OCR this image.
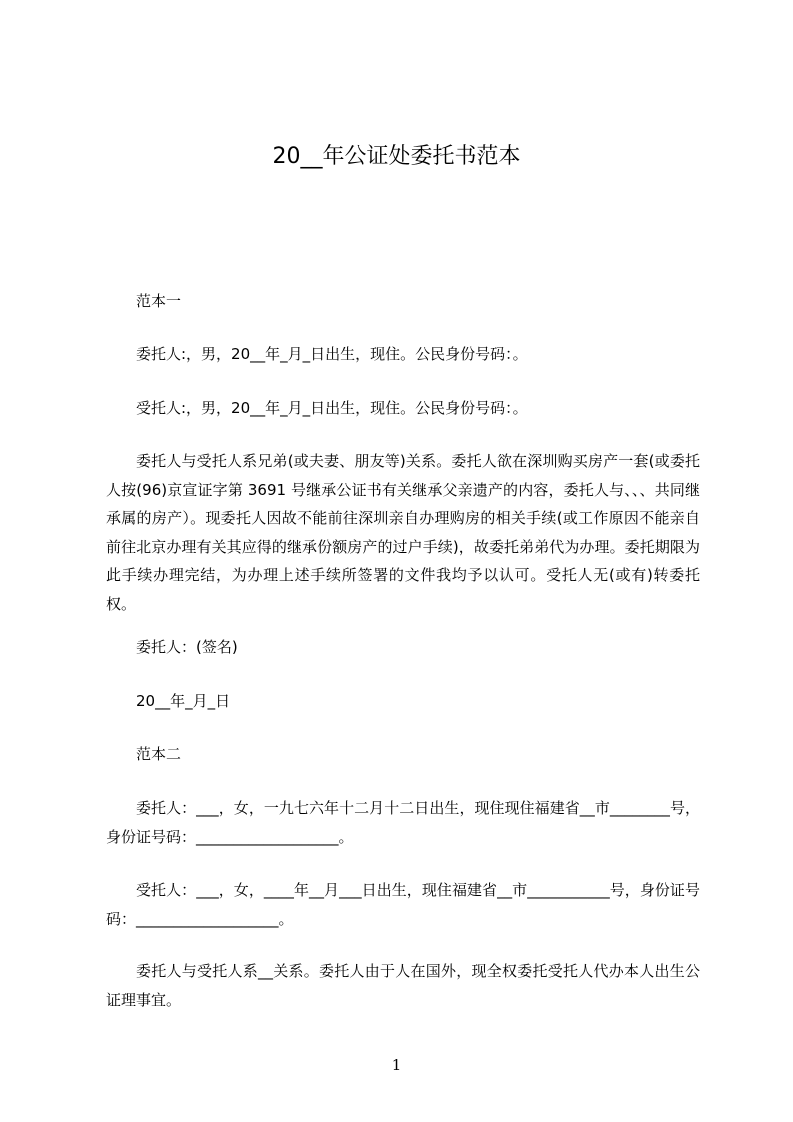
20__年公证处委托书范本
范本一
委托人:，男，20__年_月_日出生，现住。公民身份号码：。
受托人:，男，20__年_月_日出生，现住。公民身份号码：。
委托人与受托人系兄弟(或夫妻、朋友等)关系。委托人欲在深圳购买房产一套(或委托人按(96)京宣证字第 3691 号继承公证书有关继承父亲遗产的内容，委托人与、、、共同继承属的房产）。现委托人因故不能前往深圳亲自办理购房的相关手续(或工作原因不能亲自前往北京办理有关其应得的继承份额房产的过户手续)，故委托弟弟代为办理。委托期限为此手续办理完结，为办理上述手续所签署的文件我均予以认可。受托人无(或有)转委托权。
委托人：(签名)
20__年_月_日
范本二
委托人：___，女，一九七六年十二月十二日出生，现住现住福建省__市________号，身份证号码：___________________。
受托人：___，女，____年__月___日出生，现住福建省__市___________号，身份证号码：___________________。
委托人与受托人系__关系。委托人由于人在国外，现全权委托受托人代办本人出生公证理事宜。
1
